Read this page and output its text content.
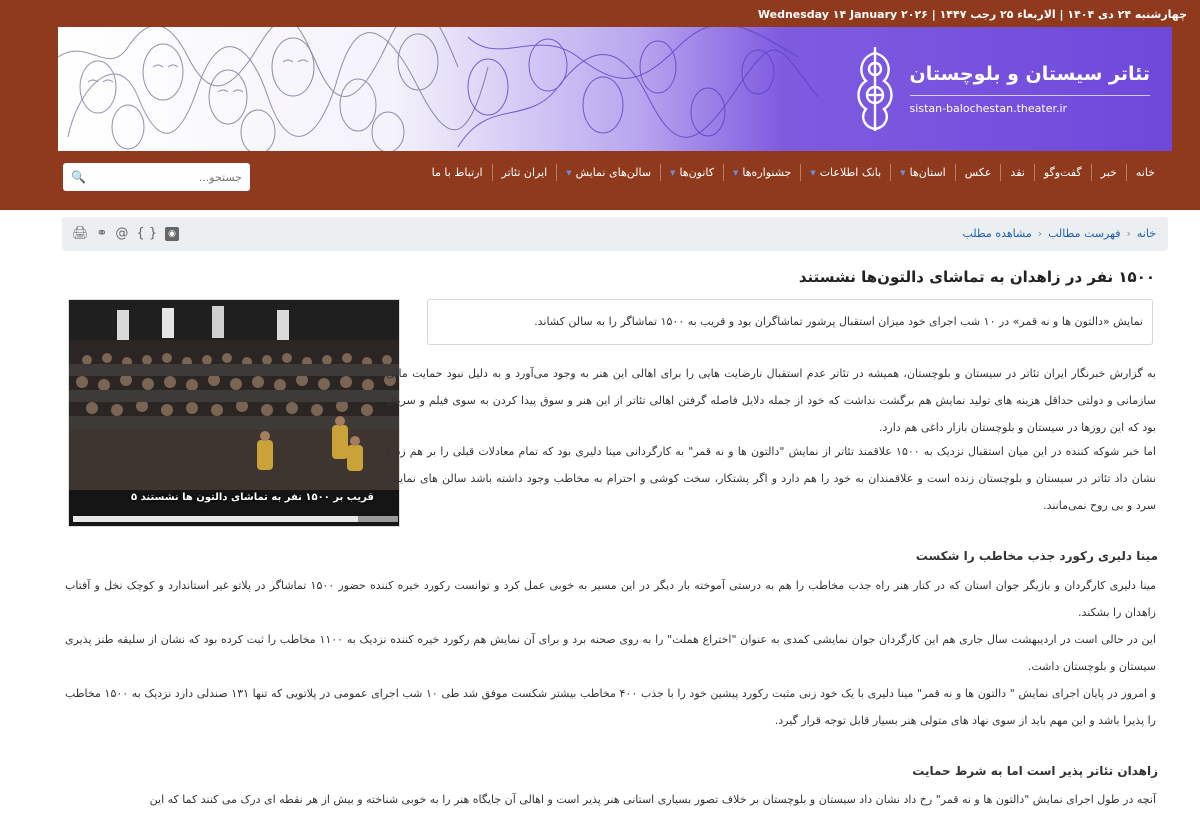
چهارشنبه ۲۴ دی ۱۴۰۴ | الاربعاء ۲۵ رجب ۱۴۴۷ | Wednesday ۱۴ January ۲۰۲۶
تئاتر سیستان و بلوچستان
sistan-balochestan.theater.ir
خانه
خبر
گفت‌وگو
نقد
عکس
استان‌ها
▼
بانک اطلاعات
▼
جشنواره‌ها
▼
کانون‌ها
▼
سالن‌های نمایش
▼
ایران تئاتر
ارتباط با ما
جستجو...
🔍
خانه
‹
فهرست مطالب
‹
مشاهده مطلب
🖨 ⚭ @ { }	◉
۱۵۰۰ نفر در زاهدان به تماشای دالتون‌ها نشستند

نمایش «دالتون ها و نه قمر» در ۱۰ شب اجرای خود میزان استقبال پرشور تماشاگران بود و قریب به ۱۵۰۰ تماشاگر را به سالن کشاند.

قریب بر ۱۵۰۰ نفر به تماشای دالتون ها نشستند ۵

به گزارش خبرنگار ایران تئاتر در سیستان و بلوچستان، همیشه در تئاتر عدم استقبال نارضایت هایی را برای اهالی این هنر به وجود می‌آورد و به دلیل نبود حمایت مالی سازمانی و دولتی حداقل هزینه های تولید نمایش هم برگشت نداشت که خود از جمله دلایل فاصله گرفتن اهالی تئاتر از این هنر و سوق پیدا کردن به سوی فیلم و سریال بود که این روزها در سیستان و بلوچستان بازار داغی هم دارد.

اما خبر شوکه کننده در این میان استقبال نزدیک به ۱۵۰۰ علاقمند تئاتر از نمایش "دالتون ها و نه قمر" به کارگردانی مینا دلیری بود که تمام معادلات قبلی را بر هم زد و نشان داد تئاتر در سیستان و بلوچستان زنده است و علاقمندان به خود را هم دارد و اگر پشتکار، سخت کوشی و احترام به مخاطب وجود داشته باشد سالن های نمایش سرد و بی روح نمی‌مانند.

مینا دلیری رکورد جذب مخاطب را شکست

مینا دلیری کارگردان و بازیگر جوان استان که در کنار هنر راه جذب مخاطب را هم به درستی آموخته بار دیگر در این مسیر به خوبی عمل کرد و توانست رکورد خیره کننده حضور ۱۵۰۰ تماشاگر در پلاتو غیر استاندارد و کوچک نخل و آفتاب زاهدان را بشکند.

این در حالی است در اردیبهشت سال جاری هم این کارگردان جوان نمایشی کمدی به عنوان "اختراع هملت" را به روی صحنه برد و برای آن نمایش هم رکورد خیره کننده نزدیک به ۱۱۰۰ مخاطب را ثبت کرده بود که نشان از سلیقه طنز پذیری سیستان و بلوچستان داشت.

و امروز در پایان اجرای نمایش " دالتون ها و نه قمر" مینا دلیری با یک خود زنی مثبت رکورد پیشین خود را با جذب ۴۰۰ مخاطب بیشتر شکست موفق شد طی ۱۰ شب اجرای عمومی در پلاتویی که تنها ۱۳۱ صندلی دارد نزدیک به ۱۵۰۰ مخاطب را پذیرا باشد و این مهم باید از سوی نهاد های متولی هنر بسیار قابل توجه قرار گیرد.

زاهدان تئاتر پذیر است اما به شرط حمایت

آنچه در طول اجرای نمایش "دالتون ها و نه قمر" رخ داد نشان داد سیستان و بلوچستان بر خلاف تصور بسیاری استانی هنر پذیر است و اهالی آن جایگاه هنر را به خوبی شناخته و بیش از هر نقطه ای درک می کنند کما که این
